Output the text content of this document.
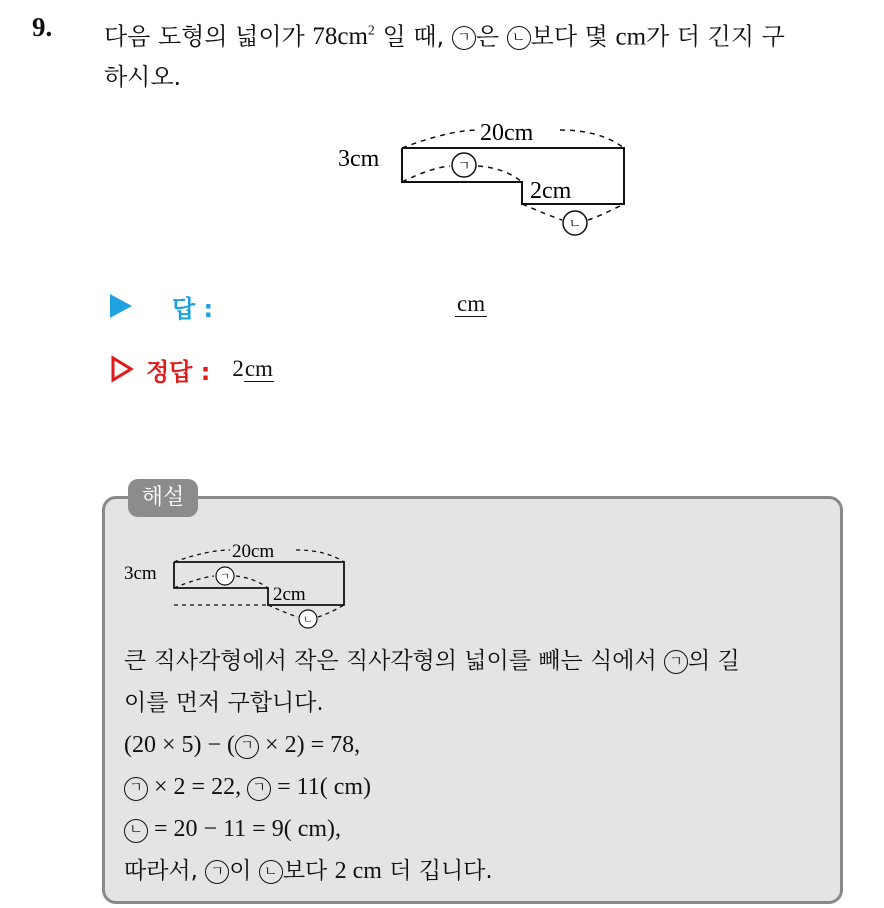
9. 다음 도형의 넓이가 $78cm^2$ 일 때, ㄱ 은 ㄴ 보다 몇 cm가 더 긴지 구
하시오.
20cm
3cm
2cm
ㄱ
ㄴ
답 :	cm
정답 : 2cm
해설
20cm
3cm
2cm
ㄱ
ㄴ
큰 직사각형에서 작은 직사각형의 넓이를 빼는 식에서 ㄱ 의 길
이를 먼저 구합니다.
(20 × 5) − ( ㄱ × 2) = 78,
ㄱ × 2 = 22, ㄱ = 11( cm)
ㄴ = 20 − 11 = 9( cm),
따라서, ㄱ 이 ㄴ 보다 2 cm 더 깁니다.
